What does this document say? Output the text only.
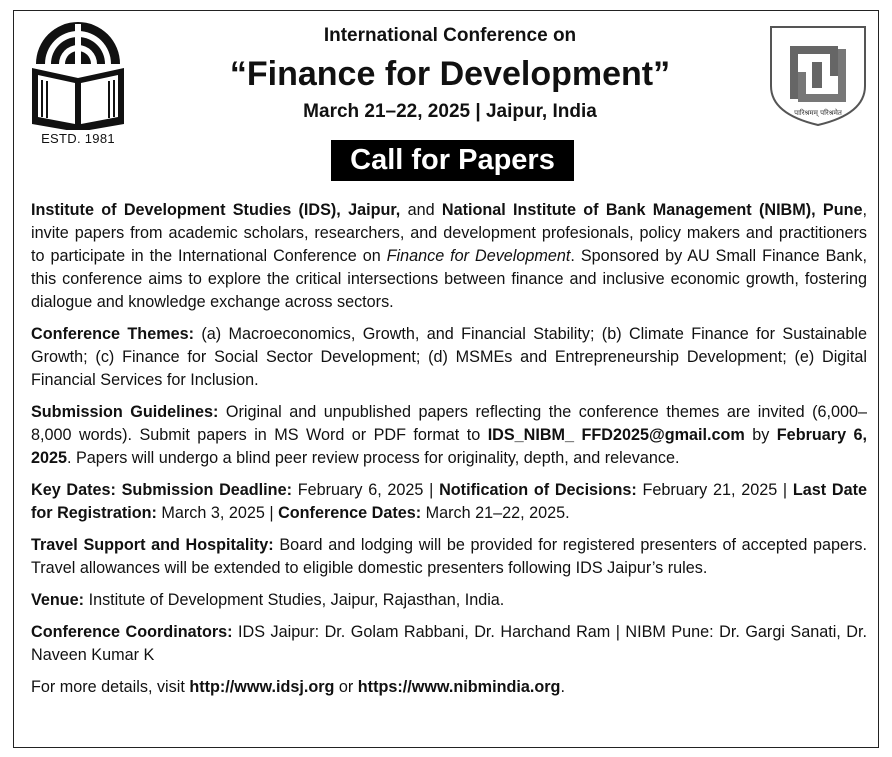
ESTD. 1981
पारिश्रमम् परिश्रमेत
International Conference on
“Finance for Development”
March 21–22, 2025 | Jaipur, India
Call for Papers

Institute of Development Studies (IDS), Jaipur, and National Institute of Bank Management (NIBM), Pune, invite papers from academic scholars, researchers, and development profesionals, policy makers and practitioners to participate in the International Conference on Finance for Development. Sponsored by AU Small Finance Bank, this conference aims to explore the critical intersections between finance and inclusive economic growth, fostering dialogue and knowledge exchange across sectors.

Conference Themes: (a) Macroeconomics, Growth, and Financial Stability; (b) Climate Finance for Sustainable Growth; (c) Finance for Social Sector Development; (d) MSMEs and Entrepreneurship Development; (e) Digital Financial Services for Inclusion.

Submission Guidelines: Original and unpublished papers reflecting the conference themes are invited (6,000–8,000 words). Submit papers in MS Word or PDF format to IDS_NIBM_ FFD2025@gmail.com by February 6, 2025. Papers will undergo a blind peer review process for originality, depth, and relevance.

Key Dates: Submission Deadline: February 6, 2025 | Notification of Decisions: February 21, 2025 | Last Date for Registration: March 3, 2025 | Conference Dates: March 21–22, 2025.

Travel Support and Hospitality: Board and lodging will be provided for registered presenters of accepted papers. Travel allowances will be extended to eligible domestic presenters following IDS Jaipur’s rules.

Venue: Institute of Development Studies, Jaipur, Rajasthan, India.

Conference Coordinators: IDS Jaipur: Dr. Golam Rabbani, Dr. Harchand Ram | NIBM Pune: Dr. Gargi Sanati, Dr. Naveen Kumar K

For more details, visit http://www.idsj.org or https://www.nibmindia.org.
